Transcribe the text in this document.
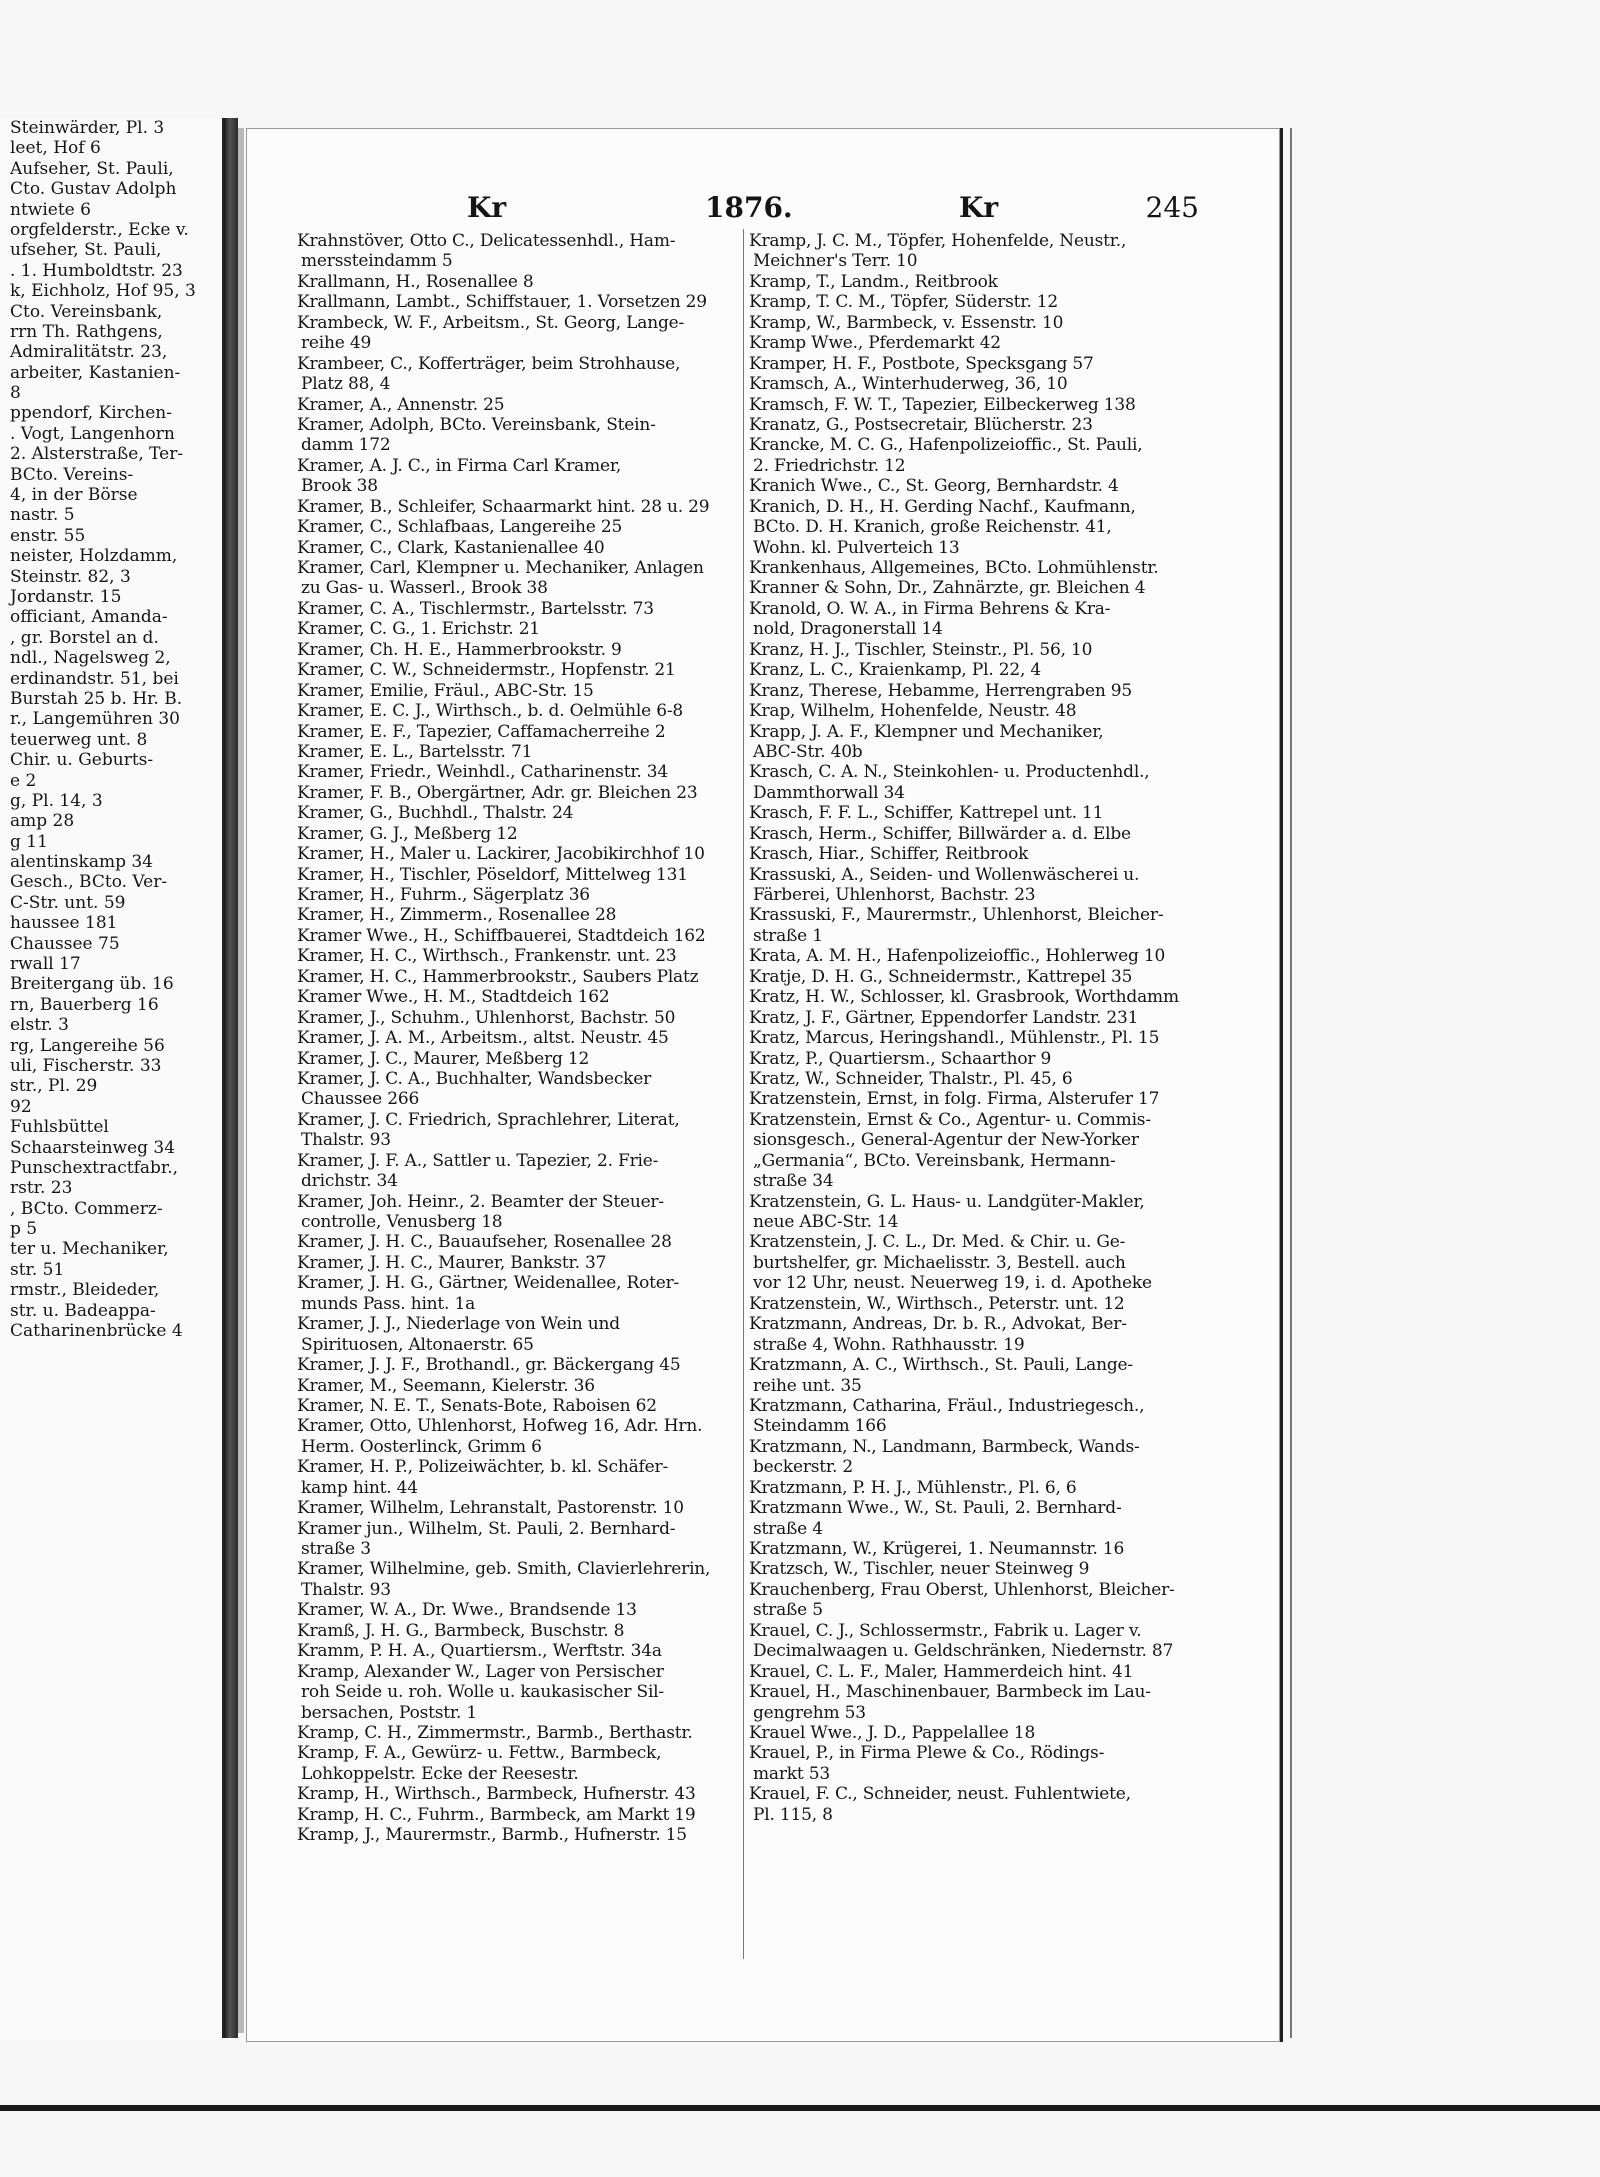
Steinwärder, Pl. 3
leet, Hof 6
Aufseher, St. Pauli,
Cto. Gustav Adolph
ntwiete 6
orgfelderstr., Ecke v.
ufseher, St. Pauli,
. 1. Humboldtstr. 23
k, Eichholz, Hof 95, 3
Cto. Vereinsbank,
rrn Th. Rathgens,
Admiralitätstr. 23,
arbeiter, Kastanien-
8
ppendorf, Kirchen-
. Vogt, Langenhorn
2. Alsterstraße, Ter-
BCto. Vereins-
4, in der Börse
nastr. 5
enstr. 55
neister, Holzdamm,
Steinstr. 82, 3
Jordanstr. 15
officiant, Amanda-
, gr. Borstel an d.
ndl., Nagelsweg 2,
erdinandstr. 51, bei
Burstah 25 b. Hr. B.
r., Langemühren 30
teuerweg unt. 8
Chir. u. Geburts-
e 2
g, Pl. 14, 3
amp 28
g 11
alentinskamp 34
Gesch., BCto. Ver-
C-Str. unt. 59
haussee 181
Chaussee 75
rwall 17
Breitergang üb. 16
rn, Bauerberg 16
elstr. 3
rg, Langereihe 56
uli, Fischerstr. 33
str., Pl. 29
92
Fuhlsbüttel
Schaarsteinweg 34
Punschextractfabr.,
rstr. 23
, BCto. Commerz-
p 5
ter u. Mechaniker,
str. 51
rmstr., Bleideder,
str. u. Badeappa-
Catharinenbrücke 4
Kr	1876.	Kr	245
Krahnstöver, Otto C., Delicatessenhdl., Ham-
merssteindamm 5
Krallmann, H., Rosenallee 8
Krallmann, Lambt., Schiffstauer, 1. Vorsetzen 29
Krambeck, W. F., Arbeitsm., St. Georg, Lange-
reihe 49
Krambeer, C., Kofferträger, beim Strohhause,
Platz 88, 4
Kramer, A., Annenstr. 25
Kramer, Adolph, BCto. Vereinsbank, Stein-
damm 172
Kramer, A. J. C., in Firma Carl Kramer,
Brook 38
Kramer, B., Schleifer, Schaarmarkt hint. 28 u. 29
Kramer, C., Schlafbaas, Langereihe 25
Kramer, C., Clark, Kastanienallee 40
Kramer, Carl, Klempner u. Mechaniker, Anlagen
zu Gas- u. Wasserl., Brook 38
Kramer, C. A., Tischlermstr., Bartelsstr. 73
Kramer, C. G., 1. Erichstr. 21
Kramer, Ch. H. E., Hammerbrookstr. 9
Kramer, C. W., Schneidermstr., Hopfenstr. 21
Kramer, Emilie, Fräul., ABC-Str. 15
Kramer, E. C. J., Wirthsch., b. d. Oelmühle 6-8
Kramer, E. F., Tapezier, Caffamacherreihe 2
Kramer, E. L., Bartelsstr. 71
Kramer, Friedr., Weinhdl., Catharinenstr. 34
Kramer, F. B., Obergärtner, Adr. gr. Bleichen 23
Kramer, G., Buchhdl., Thalstr. 24
Kramer, G. J., Meßberg 12
Kramer, H., Maler u. Lackirer, Jacobikirchhof 10
Kramer, H., Tischler, Pöseldorf, Mittelweg 131
Kramer, H., Fuhrm., Sägerplatz 36
Kramer, H., Zimmerm., Rosenallee 28
Kramer Wwe., H., Schiffbauerei, Stadtdeich 162
Kramer, H. C., Wirthsch., Frankenstr. unt. 23
Kramer, H. C., Hammerbrookstr., Saubers Platz
Kramer Wwe., H. M., Stadtdeich 162
Kramer, J., Schuhm., Uhlenhorst, Bachstr. 50
Kramer, J. A. M., Arbeitsm., altst. Neustr. 45
Kramer, J. C., Maurer, Meßberg 12
Kramer, J. C. A., Buchhalter, Wandsbecker
Chaussee 266
Kramer, J. C. Friedrich, Sprachlehrer, Literat,
Thalstr. 93
Kramer, J. F. A., Sattler u. Tapezier, 2. Frie-
drichstr. 34
Kramer, Joh. Heinr., 2. Beamter der Steuer-
controlle, Venusberg 18
Kramer, J. H. C., Bauaufseher, Rosenallee 28
Kramer, J. H. C., Maurer, Bankstr. 37
Kramer, J. H. G., Gärtner, Weidenallee, Roter-
munds Pass. hint. 1a
Kramer, J. J., Niederlage von Wein und
Spirituosen, Altonaerstr. 65
Kramer, J. J. F., Brothandl., gr. Bäckergang 45
Kramer, M., Seemann, Kielerstr. 36
Kramer, N. E. T., Senats-Bote, Raboisen 62
Kramer, Otto, Uhlenhorst, Hofweg 16, Adr. Hrn.
Herm. Oosterlinck, Grimm 6
Kramer, H. P., Polizeiwächter, b. kl. Schäfer-
kamp hint. 44
Kramer, Wilhelm, Lehranstalt, Pastorenstr. 10
Kramer jun., Wilhelm, St. Pauli, 2. Bernhard-
straße 3
Kramer, Wilhelmine, geb. Smith, Clavierlehrerin,
Thalstr. 93
Kramer, W. A., Dr. Wwe., Brandsende 13
Kramß, J. H. G., Barmbeck, Buschstr. 8
Kramm, P. H. A., Quartiersm., Werftstr. 34a
Kramp, Alexander W., Lager von Persischer
roh Seide u. roh. Wolle u. kaukasischer Sil-
bersachen, Poststr. 1
Kramp, C. H., Zimmermstr., Barmb., Berthastr.
Kramp, F. A., Gewürz- u. Fettw., Barmbeck,
Lohkoppelstr. Ecke der Reesestr.
Kramp, H., Wirthsch., Barmbeck, Hufnerstr. 43
Kramp, H. C., Fuhrm., Barmbeck, am Markt 19
Kramp, J., Maurermstr., Barmb., Hufnerstr. 15
Kramp, J. C. M., Töpfer, Hohenfelde, Neustr.,
Meichner's Terr. 10
Kramp, T., Landm., Reitbrook
Kramp, T. C. M., Töpfer, Süderstr. 12
Kramp, W., Barmbeck, v. Essenstr. 10
Kramp Wwe., Pferdemarkt 42
Kramper, H. F., Postbote, Specksgang 57
Kramsch, A., Winterhuderweg, 36, 10
Kramsch, F. W. T., Tapezier, Eilbeckerweg 138
Kranatz, G., Postsecretair, Blücherstr. 23
Krancke, M. C. G., Hafenpolizeioffic., St. Pauli,
2. Friedrichstr. 12
Kranich Wwe., C., St. Georg, Bernhardstr. 4
Kranich, D. H., H. Gerding Nachf., Kaufmann,
BCto. D. H. Kranich, große Reichenstr. 41,
Wohn. kl. Pulverteich 13
Krankenhaus, Allgemeines, BCto. Lohmühlenstr.
Kranner & Sohn, Dr., Zahnärzte, gr. Bleichen 4
Kranold, O. W. A., in Firma Behrens & Kra-
nold, Dragonerstall 14
Kranz, H. J., Tischler, Steinstr., Pl. 56, 10
Kranz, L. C., Kraienkamp, Pl. 22, 4
Kranz, Therese, Hebamme, Herrengraben 95
Krap, Wilhelm, Hohenfelde, Neustr. 48
Krapp, J. A. F., Klempner und Mechaniker,
ABC-Str. 40b
Krasch, C. A. N., Steinkohlen- u. Productenhdl.,
Dammthorwall 34
Krasch, F. F. L., Schiffer, Kattrepel unt. 11
Krasch, Herm., Schiffer, Billwärder a. d. Elbe
Krasch, Hiar., Schiffer, Reitbrook
Krassuski, A., Seiden- und Wollenwäscherei u.
Färberei, Uhlenhorst, Bachstr. 23
Krassuski, F., Maurermstr., Uhlenhorst, Bleicher-
straße 1
Krata, A. M. H., Hafenpolizeioffic., Hohlerweg 10
Kratje, D. H. G., Schneidermstr., Kattrepel 35
Kratz, H. W., Schlosser, kl. Grasbrook, Worthdamm
Kratz, J. F., Gärtner, Eppendorfer Landstr. 231
Kratz, Marcus, Heringshandl., Mühlenstr., Pl. 15
Kratz, P., Quartiersm., Schaarthor 9
Kratz, W., Schneider, Thalstr., Pl. 45, 6
Kratzenstein, Ernst, in folg. Firma, Alsterufer 17
Kratzenstein, Ernst & Co., Agentur- u. Commis-
sionsgesch., General-Agentur der New-Yorker
„Germania“, BCto. Vereinsbank, Hermann-
straße 34
Kratzenstein, G. L. Haus- u. Landgüter-Makler,
neue ABC-Str. 14
Kratzenstein, J. C. L., Dr. Med. & Chir. u. Ge-
burtshelfer, gr. Michaelisstr. 3, Bestell. auch
vor 12 Uhr, neust. Neuerweg 19, i. d. Apotheke
Kratzenstein, W., Wirthsch., Peterstr. unt. 12
Kratzmann, Andreas, Dr. b. R., Advokat, Ber-
straße 4, Wohn. Rathhausstr. 19
Kratzmann, A. C., Wirthsch., St. Pauli, Lange-
reihe unt. 35
Kratzmann, Catharina, Fräul., Industriegesch.,
Steindamm 166
Kratzmann, N., Landmann, Barmbeck, Wands-
beckerstr. 2
Kratzmann, P. H. J., Mühlenstr., Pl. 6, 6
Kratzmann Wwe., W., St. Pauli, 2. Bernhard-
straße 4
Kratzmann, W., Krügerei, 1. Neumannstr. 16
Kratzsch, W., Tischler, neuer Steinweg 9
Krauchenberg, Frau Oberst, Uhlenhorst, Bleicher-
straße 5
Krauel, C. J., Schlossermstr., Fabrik u. Lager v.
Decimalwaagen u. Geldschränken, Niedernstr. 87
Krauel, C. L. F., Maler, Hammerdeich hint. 41
Krauel, H., Maschinenbauer, Barmbeck im Lau-
gengrehm 53
Krauel Wwe., J. D., Pappelallee 18
Krauel, P., in Firma Plewe & Co., Rödings-
markt 53
Krauel, F. C., Schneider, neust. Fuhlentwiete,
Pl. 115, 8
